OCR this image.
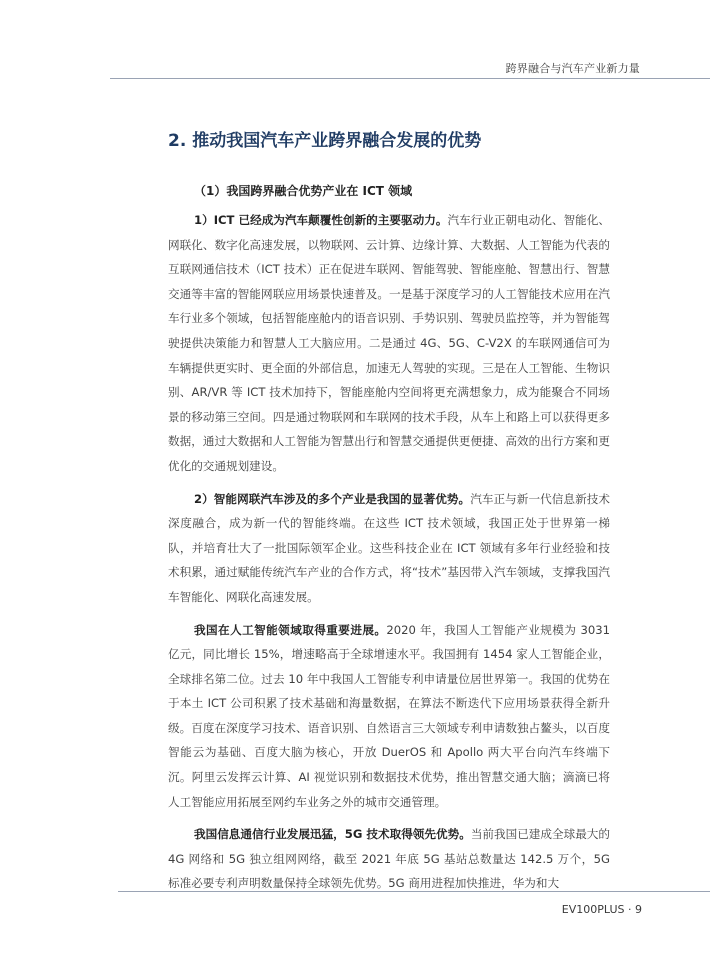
跨界融合与汽车产业新力量
2. 推动我国汽车产业跨界融合发展的优势
（1）我国跨界融合优势产业在 ICT 领域

1）ICT 已经成为汽车颠覆性创新的主要驱动力。汽车行业正朝电动化、智能化、网联化、数字化高速发展，以物联网、云计算、边缘计算、大数据、人工智能为代表的互联网通信技术（ICT 技术）正在促进车联网、智能驾驶、智能座舱、智慧出行、智慧交通等丰富的智能网联应用场景快速普及。一是基于深度学习的人工智能技术应用在汽车行业多个领域，包括智能座舱内的语音识别、手势识别、驾驶员监控等，并为智能驾驶提供决策能力和智慧人工大脑应用。二是通过 4G、5G、C-V2X 的车联网通信可为车辆提供更实时、更全面的外部信息，加速无人驾驶的实现。三是在人工智能、生物识别、AR/VR 等 ICT 技术加持下，智能座舱内空间将更充满想象力，成为能聚合不同场景的移动第三空间。四是通过物联网和车联网的技术手段，从车上和路上可以获得更多数据，通过大数据和人工智能为智慧出行和智慧交通提供更便捷、高效的出行方案和更优化的交通规划建设。

2）智能网联汽车涉及的多个产业是我国的显著优势。汽车正与新一代信息新技术深度融合，成为新一代的智能终端。在这些 ICT 技术领域，我国正处于世界第一梯队，并培育壮大了一批国际领军企业。这些科技企业在 ICT 领域有多年行业经验和技术积累，通过赋能传统汽车产业的合作方式，将“技术”基因带入汽车领域，支撑我国汽车智能化、网联化高速发展。

我国在人工智能领域取得重要进展。2020 年，我国人工智能产业规模为 3031 亿元，同比增长 15%，增速略高于全球增速水平。我国拥有 1454 家人工智能企业，全球排名第二位。过去 10 年中我国人工智能专利申请量位居世界第一。我国的优势在于本土 ICT 公司积累了技术基础和海量数据，在算法不断迭代下应用场景获得全新升级。百度在深度学习技术、语音识别、自然语言三大领域专利申请数独占鳌头，以百度智能云为基础、百度大脑为核心，开放 DuerOS 和 Apollo 两大平台向汽车终端下沉。阿里云发挥云计算、AI 视觉识别和数据技术优势，推出智慧交通大脑；滴滴已将人工智能应用拓展至网约车业务之外的城市交通管理。

我国信息通信行业发展迅猛，5G 技术取得领先优势。当前我国已建成全球最大的 4G 网络和 5G 独立组网网络，截至 2021 年底 5G 基站总数量达 142.5 万个，5G 标准必要专利声明数量保持全球领先优势。5G 商用进程加快推进，华为和大

EV100PLUS · 9
